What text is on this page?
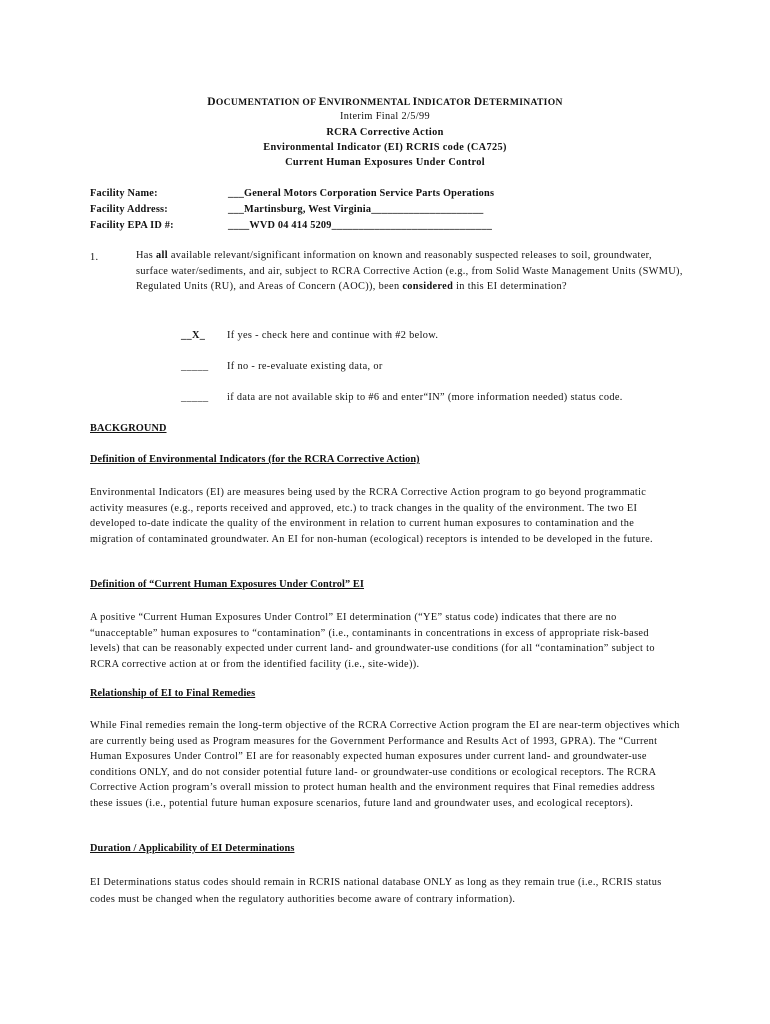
DOCUMENTATION OF ENVIRONMENTAL INDICATOR DETERMINATION
Interim Final 2/5/99
RCRA Corrective Action
Environmental Indicator (EI) RCRIS code (CA725)
Current Human Exposures Under Control
Facility Name:	___General Motors Corporation Service Parts Operations
Facility Address:	___Martinsburg, West Virginia_____________________
Facility EPA ID #:	____WVD 04 414 5209______________________________
1.	Has all available relevant/significant information on known and reasonably suspected releases to soil, groundwater, surface water/sediments, and air, subject to RCRA Corrective Action (e.g., from Solid Waste Management Units (SWMU), Regulated Units (RU), and Areas of Concern (AOC)), been considered in this EI determination?
__X_ If yes - check here and continue with #2 below.
_____ If no - re-evaluate existing data, or
_____ if data are not available skip to #6 and enter“IN” (more information needed) status code.
BACKGROUND
Definition of Environmental Indicators (for the RCRA Corrective Action)
Environmental Indicators (EI) are measures being used by the RCRA Corrective Action program to go beyond programmatic activity measures (e.g., reports received and approved, etc.) to track changes in the quality of the environment. The two EI developed to-date indicate the quality of the environment in relation to current human exposures to contamination and the migration of contaminated groundwater. An EI for non-human (ecological) receptors is intended to be developed in the future.
Definition of “Current Human Exposures Under Control” EI
A positive “Current Human Exposures Under Control” EI determination (“YE” status code) indicates that there are no “unacceptable” human exposures to “contamination” (i.e., contaminants in concentrations in excess of appropriate risk-based levels) that can be reasonably expected under current land- and groundwater-use conditions (for all “contamination” subject to RCRA corrective action at or from the identified facility (i.e., site-wide)).
Relationship of EI to Final Remedies
While Final remedies remain the long-term objective of the RCRA Corrective Action program the EI are near-term objectives which are currently being used as Program measures for the Government Performance and Results Act of 1993, GPRA). The “Current Human Exposures Under Control” EI are for reasonably expected human exposures under current land- and groundwater-use conditions ONLY, and do not consider potential future land- or groundwater-use conditions or ecological receptors. The RCRA Corrective Action program’s overall mission to protect human health and the environment requires that Final remedies address these issues (i.e., potential future human exposure scenarios, future land and groundwater uses, and ecological receptors).
Duration / Applicability of EI Determinations
EI Determinations status codes should remain in RCRIS national database ONLY as long as they remain true (i.e., RCRIS status codes must be changed when the regulatory authorities become aware of contrary information).
